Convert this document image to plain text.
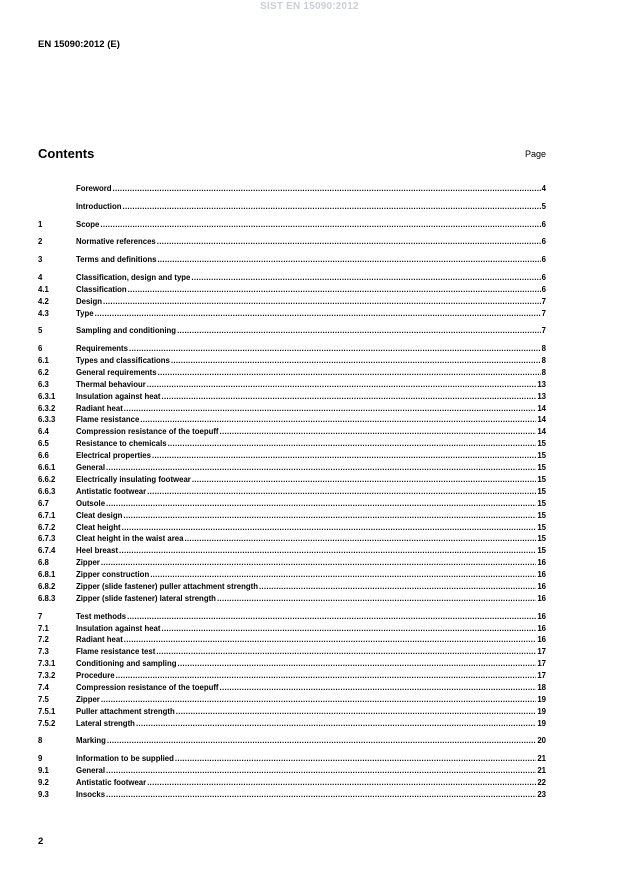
SIST EN 15090:2012
EN 15090:2012 (E)
Contents	Page
Foreword .....	4
Introduction .....	5
1	Scope .....	6
2	Normative references .....	6
3	Terms and definitions .....	6
4	Classification, design and type .....	6
4.1	Classification .....	6
4.2	Design .....	7
4.3	Type .....	7
5	Sampling and conditioning .....	7
6	Requirements .....	8
6.1	Types and classifications .....	8
6.2	General requirements .....	8
6.3	Thermal behaviour .....	13
6.3.1	Insulation against heat .....	13
6.3.2	Radiant heat .....	14
6.3.3	Flame resistance .....	14
6.4	Compression resistance of the toepuff .....	14
6.5	Resistance to chemicals .....	15
6.6	Electrical properties .....	15
6.6.1	General .....	15
6.6.2	Electrically insulating footwear .....	15
6.6.3	Antistatic footwear .....	15
6.7	Outsole .....	15
6.7.1	Cleat design .....	15
6.7.2	Cleat height .....	15
6.7.3	Cleat height in the waist area .....	15
6.7.4	Heel breast .....	15
6.8	Zipper .....	16
6.8.1	Zipper construction .....	16
6.8.2	Zipper (slide fastener) puller attachment strength .....	16
6.8.3	Zipper (slide fastener) lateral strength .....	16
7	Test methods .....	16
7.1	Insulation against heat .....	16
7.2	Radiant heat .....	16
7.3	Flame resistance test .....	17
7.3.1	Conditioning and sampling .....	17
7.3.2	Procedure .....	17
7.4	Compression resistance of the toepuff .....	18
7.5	Zipper .....	19
7.5.1	Puller attachment strength .....	19
7.5.2	Lateral strength .....	19
8	Marking .....	20
9	Information to be supplied .....	21
9.1	General .....	21
9.2	Antistatic footwear .....	22
9.3	Insocks .....	23
2
